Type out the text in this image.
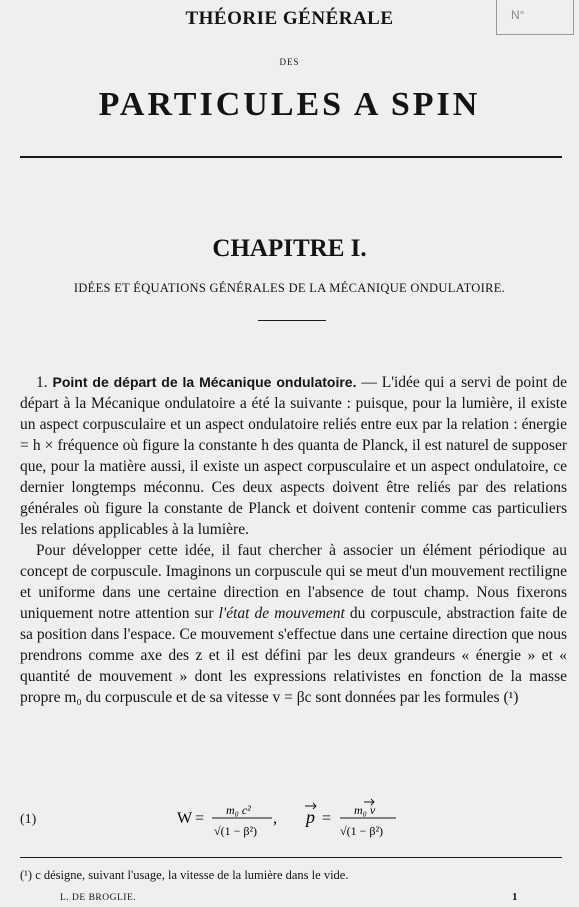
N°
THÉORIE GÉNÉRALE
DES
PARTICULES A SPIN
CHAPITRE I.
IDÉES ET ÉQUATIONS GÉNÉRALES DE LA MÉCANIQUE ONDULATOIRE.

1. Point de départ de la Mécanique ondulatoire. — L'idée qui a servi de point de départ à la Mécanique ondulatoire a été la suivante : puisque, pour la lumière, il existe un aspect corpusculaire et un aspect ondulatoire reliés entre eux par la relation : énergie = h × fréquence où figure la constante h des quanta de Planck, il est naturel de supposer que, pour la matière aussi, il existe un aspect corpusculaire et un aspect ondulatoire, ce dernier longtemps méconnu. Ces deux aspects doivent être reliés par des relations générales où figure la constante de Planck et doivent contenir comme cas particuliers les relations applicables à la lumière.

Pour développer cette idée, il faut chercher à associer un élément périodique au concept de corpuscule. Imaginons un corpuscule qui se meut d'un mouvement rectiligne et uniforme dans une certaine direction en l'absence de tout champ. Nous fixerons uniquement notre attention sur l'état de mouvement du corpuscule, abstraction faite de sa position dans l'espace. Ce mouvement s'effectue dans une certaine direction que nous prendrons comme axe des z et il est défini par les deux grandeurs « énergie » et « quantité de mouvement » dont les expressions relativistes en fonction de la masse propre m₀ du corpuscule et de sa vitesse v = βc sont données par les formules (¹)

(1)	W = m₀ c²
√(1 − β²)
, p = m₀ v
√(1 − β²)
(¹) c désigne, suivant l'usage, la vitesse de la lumière dans le vide.
L. DE BROGLIE.	1
